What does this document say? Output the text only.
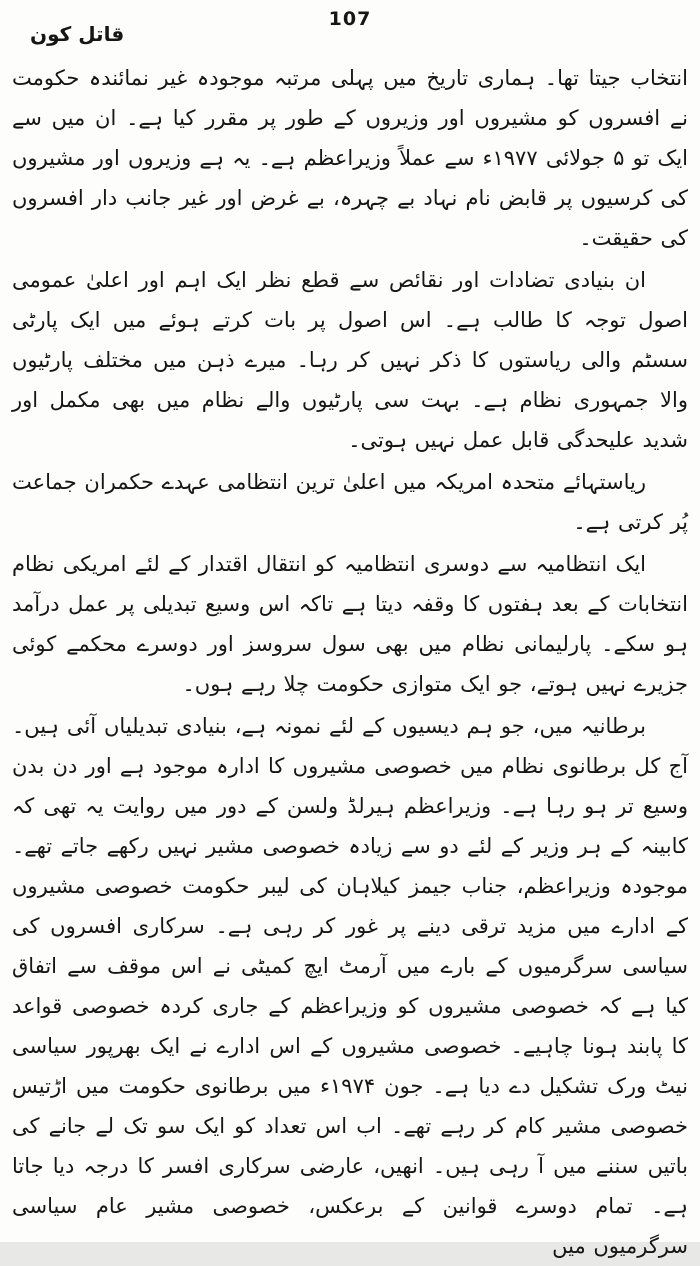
107
قاتل کون

انتخاب جیتا تھا۔ ہماری تاریخ میں پہلی مرتبہ موجودہ غیر نمائندہ حکومت نے افسروں کو مشیروں اور وزیروں کے طور پر مقرر کیا ہے۔ ان میں سے ایک تو ۵ جولائی ۱۹۷۷ء سے عملاً وزیراعظم ہے۔ یہ ہے وزیروں اور مشیروں کی کرسیوں پر قابض نام نہاد بے چہرہ، بے غرض اور غیر جانب دار افسروں کی حقیقت۔

ان بنیادی تضادات اور نقائص سے قطع نظر ایک اہم اور اعلیٰ عمومی اصول توجہ کا طالب ہے۔ اس اصول پر بات کرتے ہوئے میں ایک پارٹی سسٹم والی ریاستوں کا ذکر نہیں کر رہا۔ میرے ذہن میں مختلف پارٹیوں والا جمہوری نظام ہے۔ بہت سی پارٹیوں والے نظام میں بھی مکمل اور شدید علیحدگی قابل عمل نہیں ہوتی۔

ریاستہائے متحدہ امریکہ میں اعلیٰ ترین انتظامی عہدے حکمران جماعت پُر کرتی ہے۔

ایک انتظامیہ سے دوسری انتظامیہ کو انتقال اقتدار کے لئے امریکی نظام انتخابات کے بعد ہفتوں کا وقفہ دیتا ہے تاکہ اس وسیع تبدیلی پر عمل درآمد ہو سکے۔ پارلیمانی نظام میں بھی سول سروسز اور دوسرے محکمے کوئی جزیرے نہیں ہوتے، جو ایک متوازی حکومت چلا رہے ہوں۔

برطانیہ میں، جو ہم دیسیوں کے لئے نمونہ ہے، بنیادی تبدیلیاں آئی ہیں۔ آج کل برطانوی نظام میں خصوصی مشیروں کا ادارہ موجود ہے اور دن بدن وسیع تر ہو رہا ہے۔ وزیراعظم ہیرلڈ ولسن کے دور میں روایت یہ تھی کہ کابینہ کے ہر وزیر کے لئے دو سے زیادہ خصوصی مشیر نہیں رکھے جاتے تھے۔ موجودہ وزیراعظم، جناب جیمز کیلاہان کی لیبر حکومت خصوصی مشیروں کے ادارے میں مزید ترقی دینے پر غور کر رہی ہے۔ سرکاری افسروں کی سیاسی سرگرمیوں کے بارے میں آرمٹ ایچ کمیٹی نے اس موقف سے اتفاق کیا ہے کہ خصوصی مشیروں کو وزیراعظم کے جاری کردہ خصوصی قواعد کا پابند ہونا چاہیے۔ خصوصی مشیروں کے اس ادارے نے ایک بھرپور سیاسی نیٹ ورک تشکیل دے دیا ہے۔ جون ۱۹۷۴ء میں برطانوی حکومت میں اڑتیس خصوصی مشیر کام کر رہے تھے۔ اب اس تعداد کو ایک سو تک لے جانے کی باتیں سننے میں آ رہی ہیں۔ انھیں، عارضی سرکاری افسر کا درجہ دیا جاتا ہے۔ تمام دوسرے قوانین کے برعکس، خصوصی مشیر عام سیاسی سرگرمیوں میں
